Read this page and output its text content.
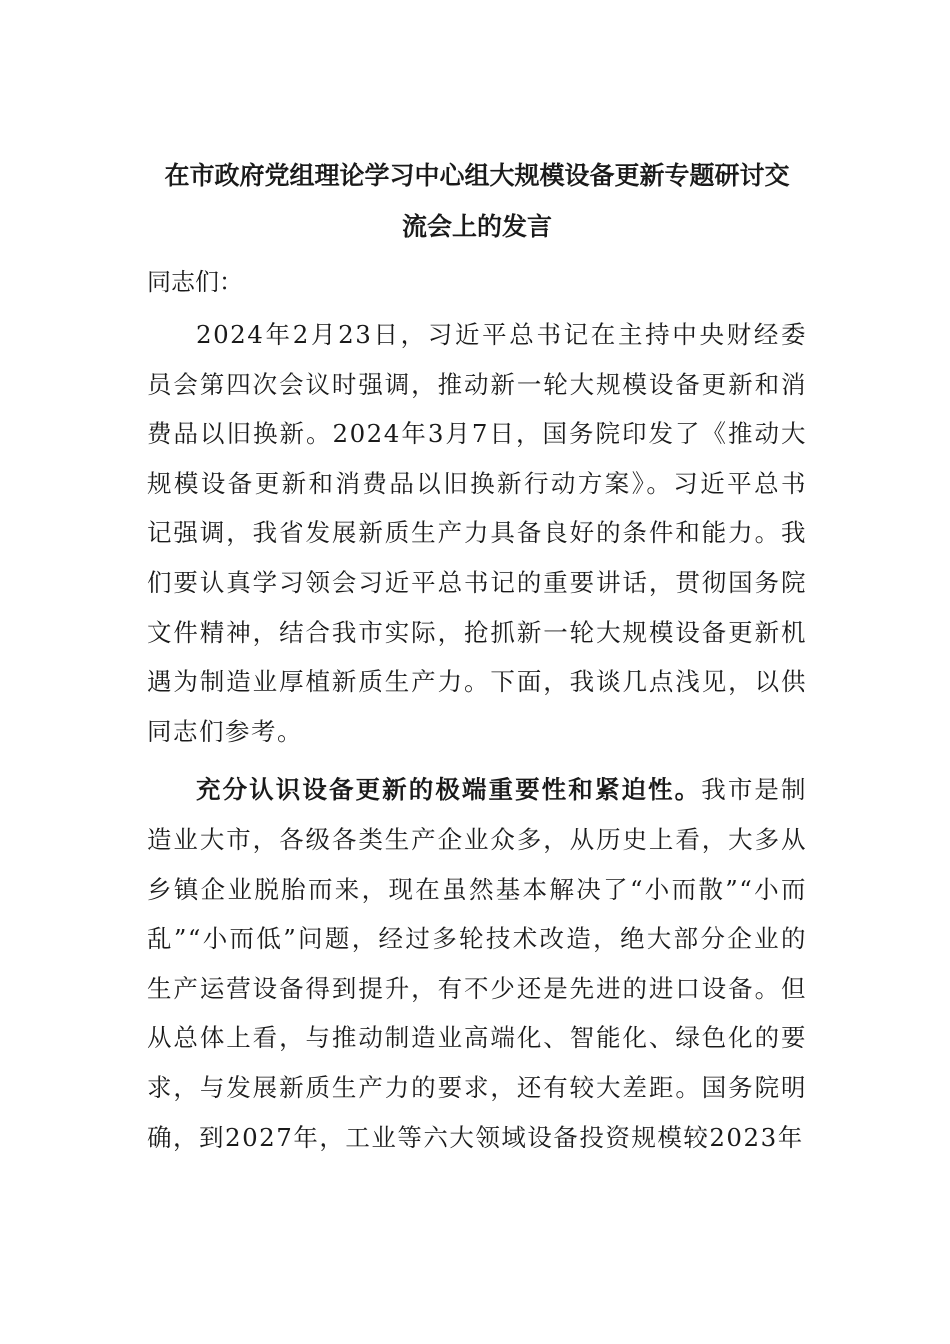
在市政府党组理论学习中心组大规模设备更新专题研讨交
流会上的发言

同志们：

2024年2月23日，习近平总书记在主持中央财经委员会第四次会议时强调，推动新一轮大规模设备更新和消费品以旧换新。2024年3月7日，国务院印发了《推动大规模设备更新和消费品以旧换新行动方案》。习近平总书记强调，我省发展新质生产力具备良好的条件和能力。我们要认真学习领会习近平总书记的重要讲话，贯彻国务院文件精神，结合我市实际，抢抓新一轮大规模设备更新机遇为制造业厚植新质生产力。下面，我谈几点浅见，以供同志们参考。

充分认识设备更新的极端重要性和紧迫性。我市是制造业大市，各级各类生产企业众多，从历史上看，大多从乡镇企业脱胎而来，现在虽然基本解决了“小而散”“小而乱”“小而低”问题，经过多轮技术改造，绝大部分企业的生产运营设备得到提升，有不少还是先进的进口设备。但从总体上看，与推动制造业高端化、智能化、绿色化的要求，与发展新质生产力的要求，还有较大差距。国务院明确，到2027年，工业等六大领域设备投资规模较2023年
